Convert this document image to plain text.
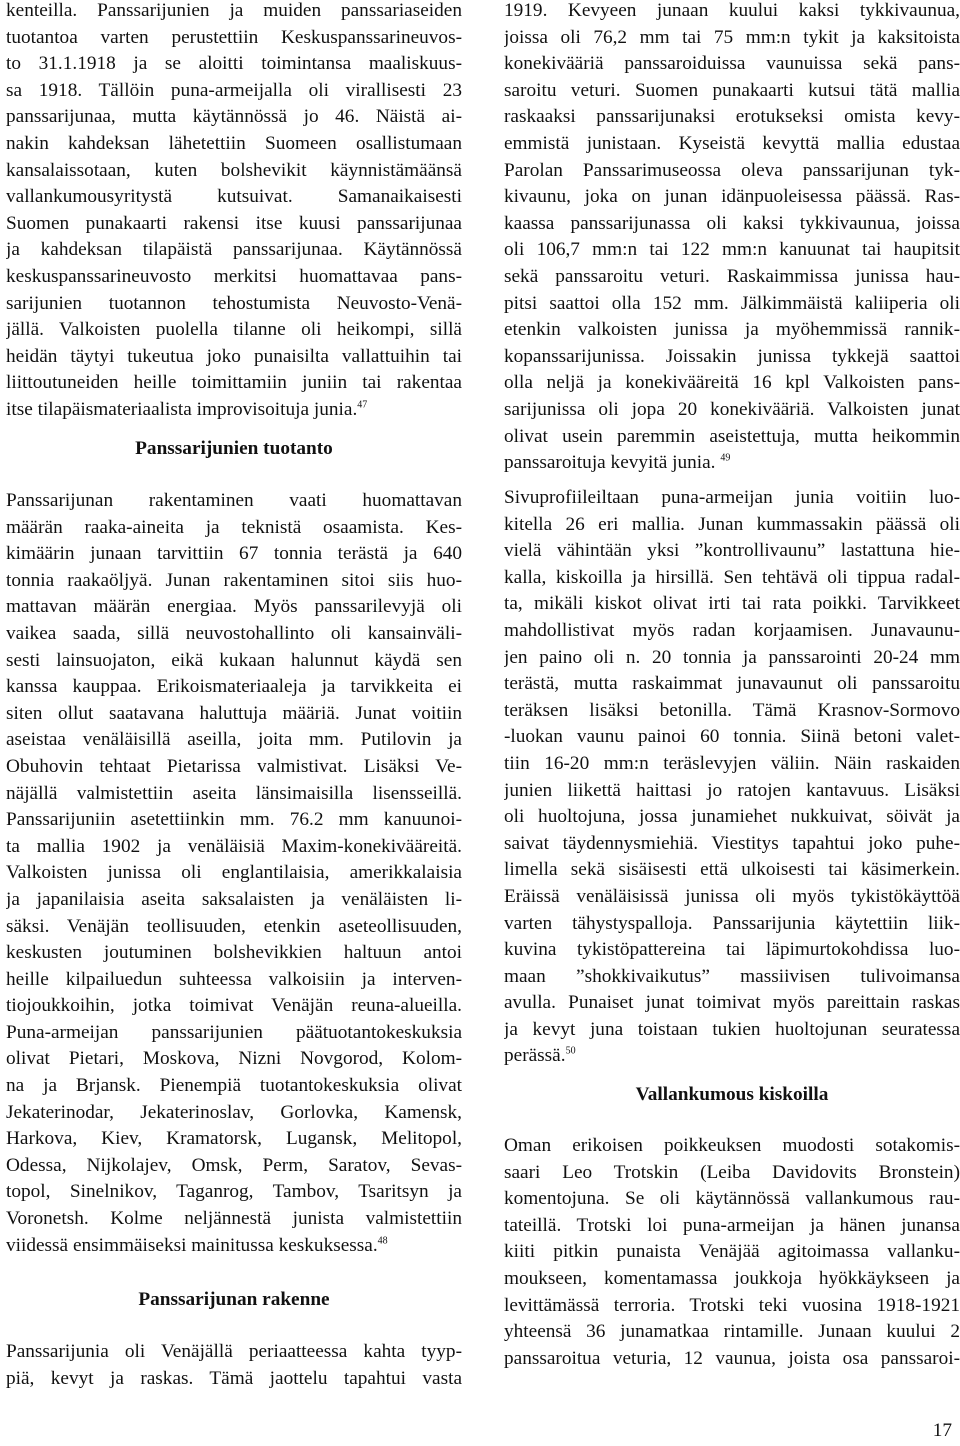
kenteilla. Panssarijunien ja muiden panssariaseiden
tuotantoa varten perustettiin Keskuspanssarineuvos-
to 31.1.1918 ja se aloitti toimintansa maaliskuus-
sa 1918. Tällöin puna-armeijalla oli virallisesti 23
panssarijunaa, mutta käytännössä jo 46. Näistä ai-
nakin kahdeksan lähetettiin Suomeen osallistumaan
kansalaissotaan, kuten bolshevikit käynnistämäänsä
vallankumousyritystä kutsuivat. Samanaikaisesti
Suomen punakaarti rakensi itse kuusi panssarijunaa
ja kahdeksan tilapäistä panssarijunaa. Käytännössä
keskuspanssarineuvosto merkitsi huomattavaa pans-
sarijunien tuotannon tehostumista Neuvosto-Venä-
jällä. Valkoisten puolella tilanne oli heikompi, sillä
heidän täytyi tukeutua joko punaisilta vallattuihin tai
liittoutuneiden heille toimittamiin juniin tai rakentaa
itse tilapäismateriaalista improvisoituja junia.$^{47}$
Panssarijunien tuotanto
Panssarijunan rakentaminen vaati huomattavan
määrän raaka-aineita ja teknistä osaamista. Kes-
kimäärin junaan tarvittiin 67 tonnia terästä ja 640
tonnia raakaöljyä. Junan rakentaminen sitoi siis huo-
mattavan määrän energiaa. Myös panssarilevyjä oli
vaikea saada, sillä neuvostohallinto oli kansainväli-
sesti lainsuojaton, eikä kukaan halunnut käydä sen
kanssa kauppaa. Erikoismateriaaleja ja tarvikkeita ei
siten ollut saatavana haluttuja määriä. Junat voitiin
aseistaa venäläisillä aseilla, joita mm. Putilovin ja
Obuhovin tehtaat Pietarissa valmistivat. Lisäksi Ve-
näjällä valmistettiin aseita länsimaisilla lisensseillä.
Panssarijuniin asetettiinkin mm. 76.2 mm kanuunoi-
ta mallia 1902 ja venäläisiä Maxim-konekivääreitä.
Valkoisten junissa oli englantilaisia, amerikkalaisia
ja japanilaisia aseita saksalaisten ja venäläisten li-
säksi. Venäjän teollisuuden, etenkin aseteollisuuden,
keskusten joutuminen bolshevikkien haltuun antoi
heille kilpailuedun suhteessa valkoisiin ja interven-
tiojoukkoihin, jotka toimivat Venäjän reuna-alueilla.
Puna-armeijan panssarijunien päätuotantokeskuksia
olivat Pietari, Moskova, Nizni Novgorod, Kolom-
na ja Brjansk. Pienempiä tuotantokeskuksia olivat
Jekaterinodar, Jekaterinoslav, Gorlovka, Kamensk,
Harkova, Kiev, Kramatorsk, Lugansk, Melitopol,
Odessa, Nijkolajev, Omsk, Perm, Saratov, Sevas-
topol, Sinelnikov, Taganrog, Tambov, Tsaritsyn ja
Voronetsh. Kolme neljännestä junista valmistettiin
viidessä ensimmäiseksi mainitussa keskuksessa.$^{48}$
Panssarijunan rakenne
Panssarijunia oli Venäjällä periaatteessa kahta tyyp-
piä, kevyt ja raskas. Tämä jaottelu tapahtui vasta
1919. Kevyeen junaan kuului kaksi tykkivaunua,
joissa oli 76,2 mm tai 75 mm:n tykit ja kaksitoista
konekivääriä panssaroiduissa vaunuissa sekä pans-
saroitu veturi. Suomen punakaarti kutsui tätä mallia
raskaaksi panssarijunaksi erotukseksi omista kevy-
emmistä junistaan. Kyseistä kevyttä mallia edustaa
Parolan Panssarimuseossa oleva panssarijunan tyk-
kivaunu, joka on junan idänpuoleisessa päässä. Ras-
kaassa panssarijunassa oli kaksi tykkivaunua, joissa
oli 106,7 mm:n tai 122 mm:n kanuunat tai haupitsit
sekä panssaroitu veturi. Raskaimmissa junissa hau-
pitsi saattoi olla 152 mm. Jälkimmäistä kaliiperia oli
etenkin valkoisten junissa ja myöhemmissä rannik-
kopanssarijunissa. Joissakin junissa tykkejä saattoi
olla neljä ja konekivääreitä 16 kpl Valkoisten pans-
sarijunissa oli jopa 20 konekivääriä. Valkoisten junat
olivat usein paremmin aseistettuja, mutta heikommin
panssaroituja kevyitä junia. $^{49}$
Sivuprofiileiltaan puna-armeijan junia voitiin luo-
kitella 26 eri mallia. Junan kummassakin päässä oli
vielä vähintään yksi ”kontrollivaunu” lastattuna hie-
kalla, kiskoilla ja hirsillä. Sen tehtävä oli tippua radal-
ta, mikäli kiskot olivat irti tai rata poikki. Tarvikkeet
mahdollistivat myös radan korjaamisen. Junavaunu-
jen paino oli n. 20 tonnia ja panssarointi 20-24 mm
terästä, mutta raskaimmat junavaunut oli panssaroitu
teräksen lisäksi betonilla. Tämä Krasnov-Sormovo
-luokan vaunu painoi 60 tonnia. Siinä betoni valet-
tiin 16-20 mm:n teräslevyjen väliin. Näin raskaiden
junien liikettä haittasi jo ratojen kantavuus. Lisäksi
oli huoltojuna, jossa junamiehet nukkuivat, söivät ja
saivat täydennysmiehiä. Viestitys tapahtui joko puhe-
limella sekä sisäisesti että ulkoisesti tai käsimerkein.
Eräissä venäläisissä junissa oli myös tykistökäyttöä
varten tähystyspalloja. Panssarijunia käytettiin liik-
kuvina tykistöpattereina tai läpimurtokohdissa luo-
maan ”shokkivaikutus” massiivisen tulivoimansa
avulla. Punaiset junat toimivat myös pareittain raskas
ja kevyt juna toistaan tukien huoltojunan seuratessa
perässä.$^{50}$
Vallankumous kiskoilla
Oman erikoisen poikkeuksen muodosti sotakomis-
saari Leo Trotskin (Leiba Davidovits Bronstein)
komentojuna. Se oli käytännössä vallankumous rau-
tateillä. Trotski loi puna-armeijan ja hänen junansa
kiiti pitkin punaista Venäjää agitoimassa vallanku-
moukseen, komentamassa joukkoja hyökkäykseen ja
levittämässä terroria. Trotski teki vuosina 1918-1921
yhteensä 36 junamatkaa rintamille. Junaan kuului 2
panssaroitua veturia, 12 vaunua, joista osa panssaroi-
17
